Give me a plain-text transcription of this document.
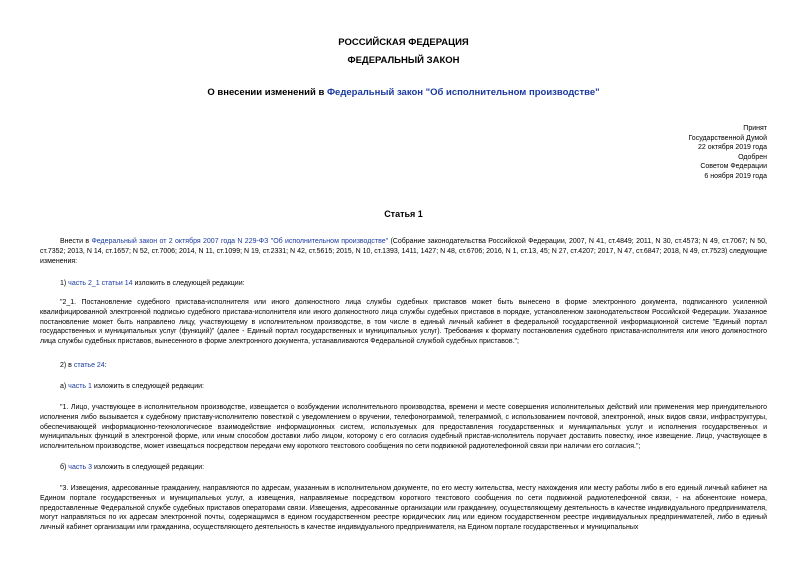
РОССИЙСКАЯ ФЕДЕРАЦИЯ
ФЕДЕРАЛЬНЫЙ ЗАКОН
О внесении изменений в Федеральный закон "Об исполнительном производстве"
Принят
Государственной Думой
22 октября 2019 года
Одобрен
Советом Федерации
6 ноября 2019 года
Статья 1

Внести в Федеральный закон от 2 октября 2007 года N 229-ФЗ "Об исполнительном производстве" (Собрание законодательства Российской Федерации, 2007, N 41, ст.4849; 2011, N 30, ст.4573; N 49, ст.7067; N 50, ст.7352; 2013, N 14, ст.1657; N 52, ст.7006; 2014, N 11, ст.1099; N 19, ст.2331; N 42, ст.5615; 2015, N 10, ст.1393, 1411, 1427; N 48, ст.6706; 2016, N 1, ст.13, 45; N 27, ст.4207; 2017, N 47, ст.6847; 2018, N 49, ст.7523) следующие изменения:

1) часть 2_1 статьи 14 изложить в следующей редакции:

"2_1. Постановление судебного пристава-исполнителя или иного должностного лица службы судебных приставов может быть вынесено в форме электронного документа, подписанного усиленной квалифицированной электронной подписью судебного пристава-исполнителя или иного должностного лица службы судебных приставов в порядке, установленном законодательством Российской Федерации. Указанное постановление может быть направлено лицу, участвующему в исполнительном производстве, в том числе в единый личный кабинет в федеральной государственной информационной системе "Единый портал государственных и муниципальных услуг (функций)" (далее - Единый портал государственных и муниципальных услуг). Требования к формату постановления судебного пристава-исполнителя или иного должностного лица службы судебных приставов, вынесенного в форме электронного документа, устанавливаются Федеральной службой судебных приставов.";

2) в статье 24:

а) часть 1 изложить в следующей редакции:

"1. Лицо, участвующее в исполнительном производстве, извещается о возбуждении исполнительного производства, времени и месте совершения исполнительных действий или применения мер принудительного исполнения либо вызывается к судебному приставу-исполнителю повесткой с уведомлением о вручении, телефонограммой, телеграммой, с использованием почтовой, электронной, иных видов связи, инфраструктуры, обеспечивающей информационно-технологическое взаимодействие информационных систем, используемых для предоставления государственных и муниципальных услуг и исполнения государственных и муниципальных функций в электронной форме, или иным способом доставки либо лицом, которому с его согласия судебный пристав-исполнитель поручает доставить повестку, иное извещение. Лицо, участвующее в исполнительном производстве, может извещаться посредством передачи ему короткого текстового сообщения по сети подвижной радиотелефонной связи при наличии его согласия.";

б) часть 3 изложить в следующей редакции:

"3. Извещения, адресованные гражданину, направляются по адресам, указанным в исполнительном документе, по его месту жительства, месту нахождения или месту работы либо в его единый личный кабинет на Едином портале государственных и муниципальных услуг, а извещения, направляемые посредством короткого текстового сообщения по сети подвижной радиотелефонной связи, - на абонентские номера, предоставленные Федеральной службе судебных приставов операторами связи. Извещения, адресованные организации или гражданину, осуществляющему деятельность в качестве индивидуального предпринимателя, могут направляться по их адресам электронной почты, содержащимся в едином государственном реестре юридических лиц или едином государственном реестре индивидуальных предпринимателей, либо в единый личный кабинет организации или гражданина, осуществляющего деятельность в качестве индивидуального предпринимателя, на Едином портале государственных и муниципальных
